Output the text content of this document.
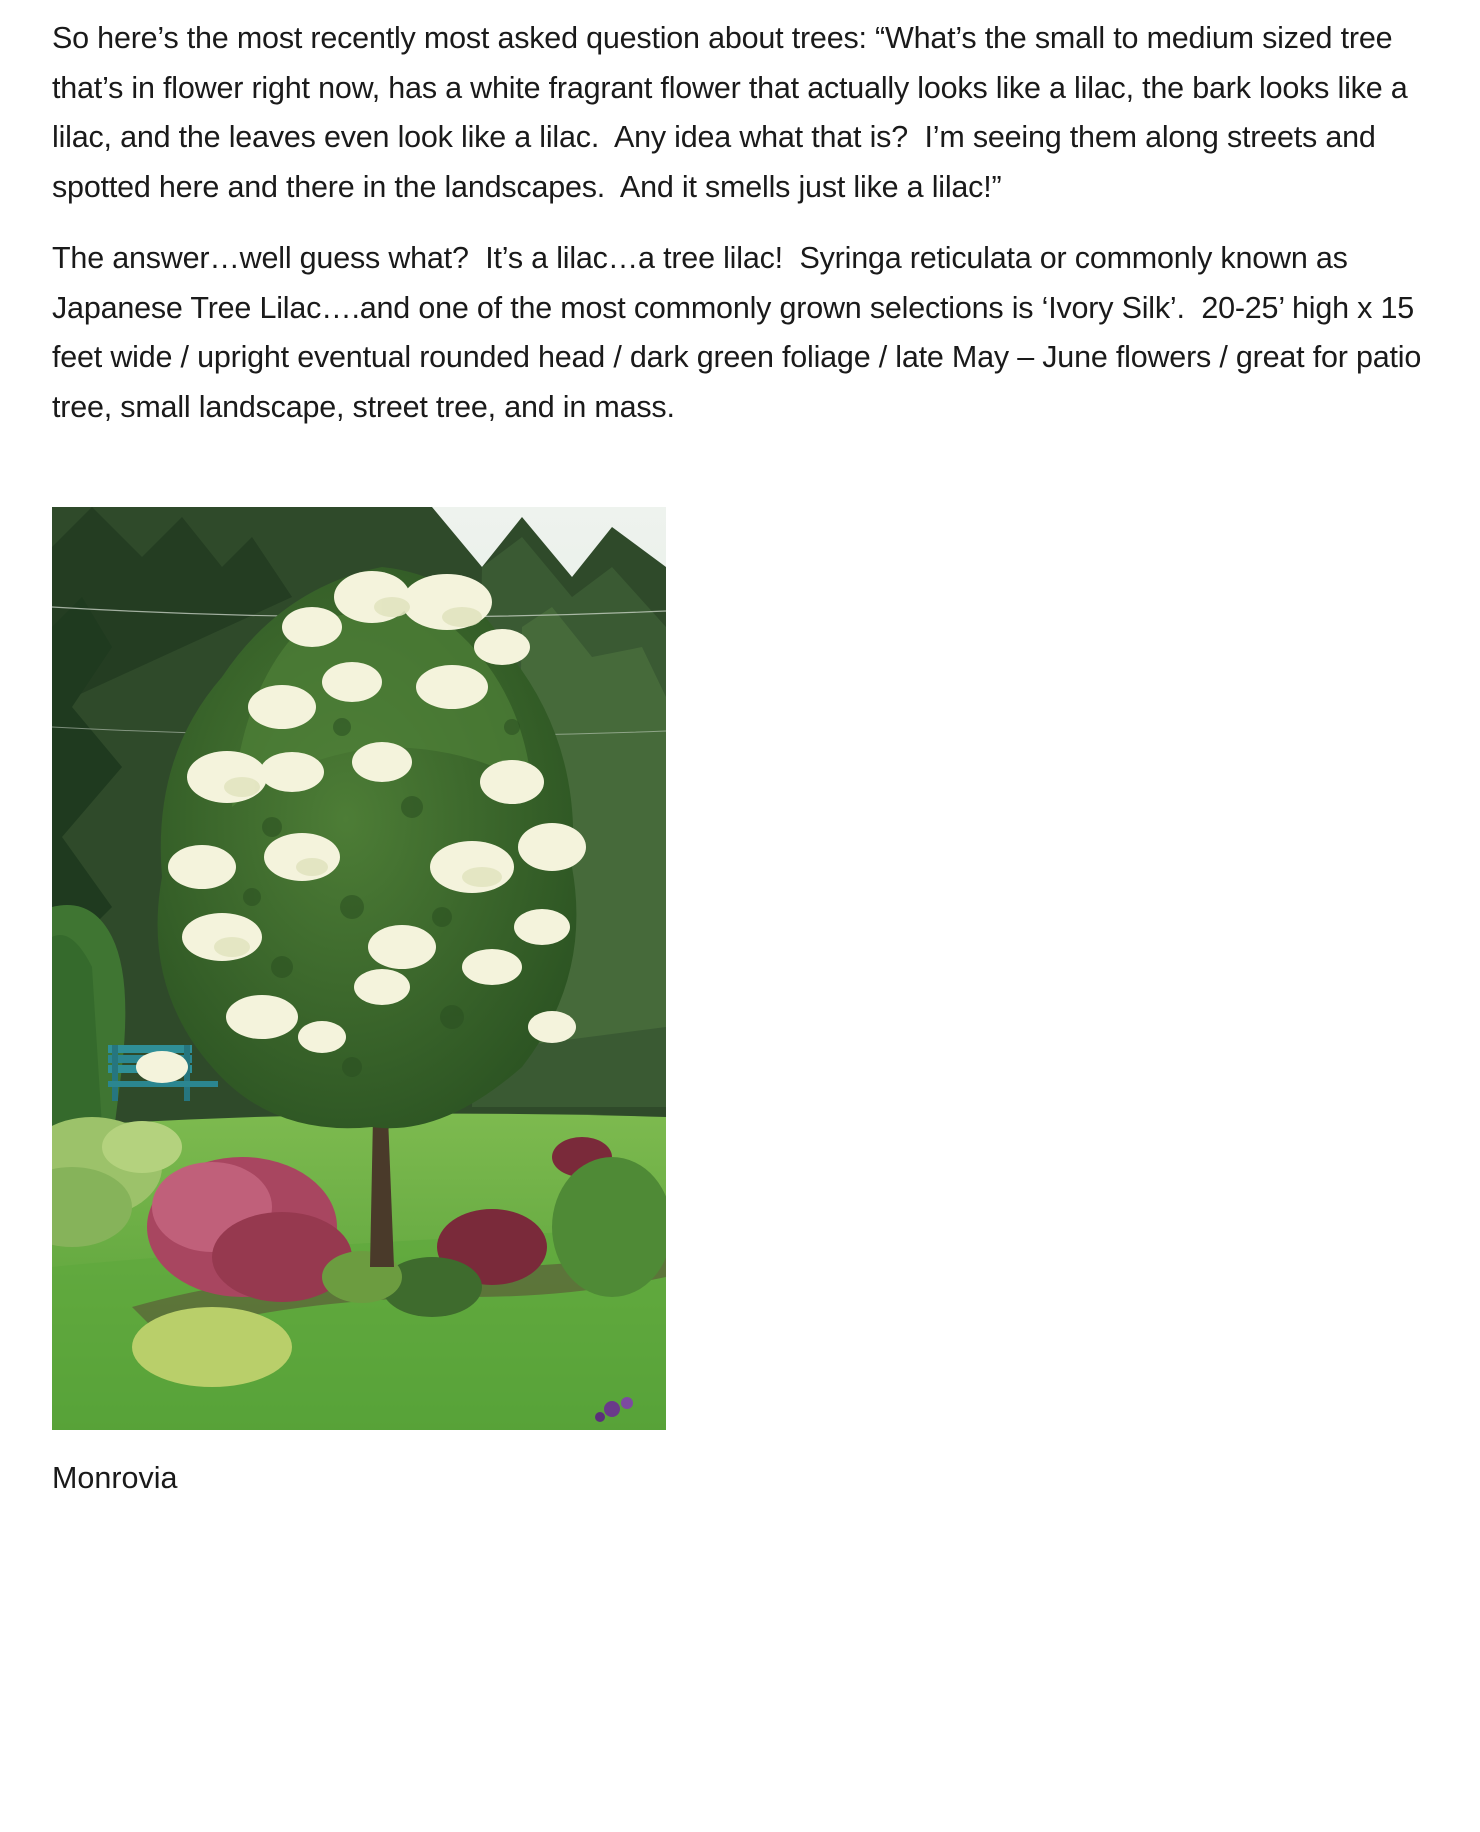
So here’s the most recently most asked question about trees: “What’s the small to medium sized tree that’s in flower right now, has a white fragrant flower that actually looks like a lilac, the bark looks like a lilac, and the leaves even look like a lilac.  Any idea what that is?  I’m seeing them along streets and spotted here and there in the landscapes.  And it smells just like a lilac!”

The answer…well guess what?  It’s a lilac…a tree lilac!  Syringa reticulata or commonly known as Japanese Tree Lilac….and one of the most commonly grown selections is ‘Ivory Silk’.  20-25’ high x 15 feet wide / upright eventual rounded head / dark green foliage / late May – June flowers / great for patio tree, small landscape, street tree, and in mass.

Monrovia
